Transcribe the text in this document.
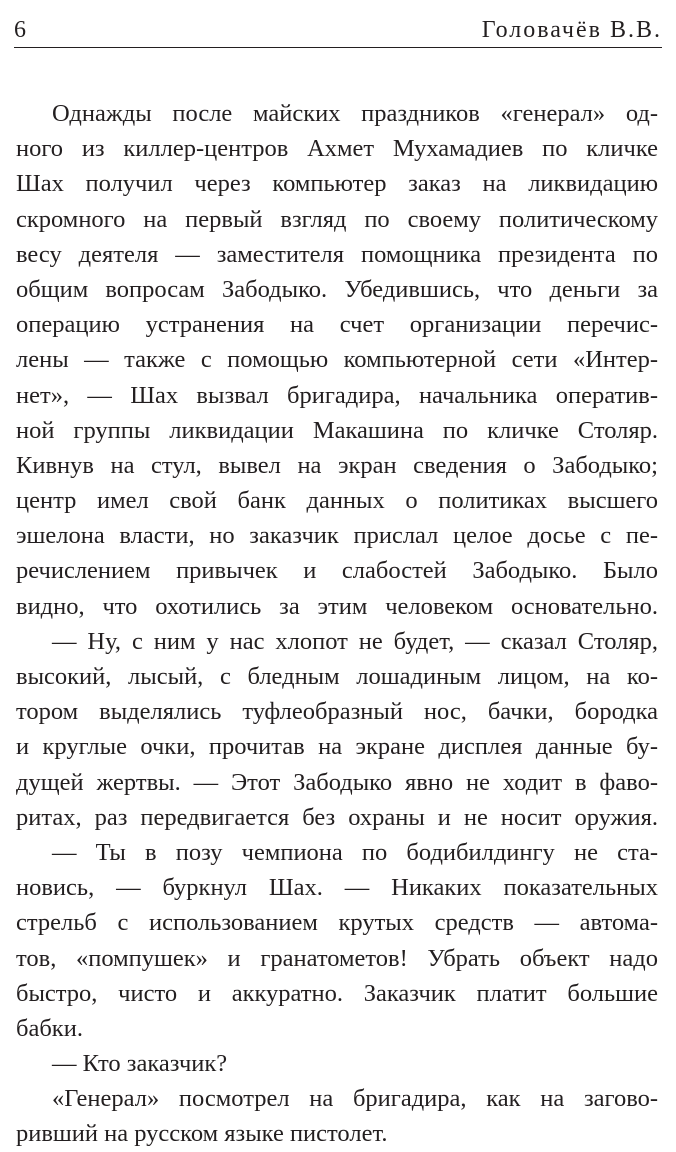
6	Головачёв В.В.
Однажды после майских праздников «генерал» од-
ного из киллер-центров Ахмет Мухамадиев по кличке
Шах получил через компьютер заказ на ликвидацию
скромного на первый взгляд по своему политическому
весу деятеля — заместителя помощника президента по
общим вопросам Забодыко. Убедившись, что деньги за
операцию устранения на счет организации перечис-
лены — также с помощью компьютерной сети «Интер-
нет», — Шах вызвал бригадира, начальника оператив-
ной группы ликвидации Макашина по кличке Столяр.
Кивнув на стул, вывел на экран сведения о Забодыко;
центр имел свой банк данных о политиках высшего
эшелона власти, но заказчик прислал целое досье с пе-
речислением привычек и слабостей Забодыко. Было
видно, что охотились за этим человеком основательно.
— Ну, с ним у нас хлопот не будет, — сказал Столяр,
высокий, лысый, с бледным лошадиным лицом, на ко-
тором выделялись туфлеобразный нос, бачки, бородка
и круглые очки, прочитав на экране дисплея данные бу-
дущей жертвы. — Этот Забодыко явно не ходит в фаво-
ритах, раз передвигается без охраны и не носит оружия.
— Ты в позу чемпиона по бодибилдингу не ста-
новись, — буркнул Шах. — Никаких показательных
стрельб с использованием крутых средств — автома-
тов, «помпушек» и гранатометов! Убрать объект надо
быстро, чисто и аккуратно. Заказчик платит большие
бабки.
— Кто заказчик?
«Генерал» посмотрел на бригадира, как на загово-
ривший на русском языке пистолет.
